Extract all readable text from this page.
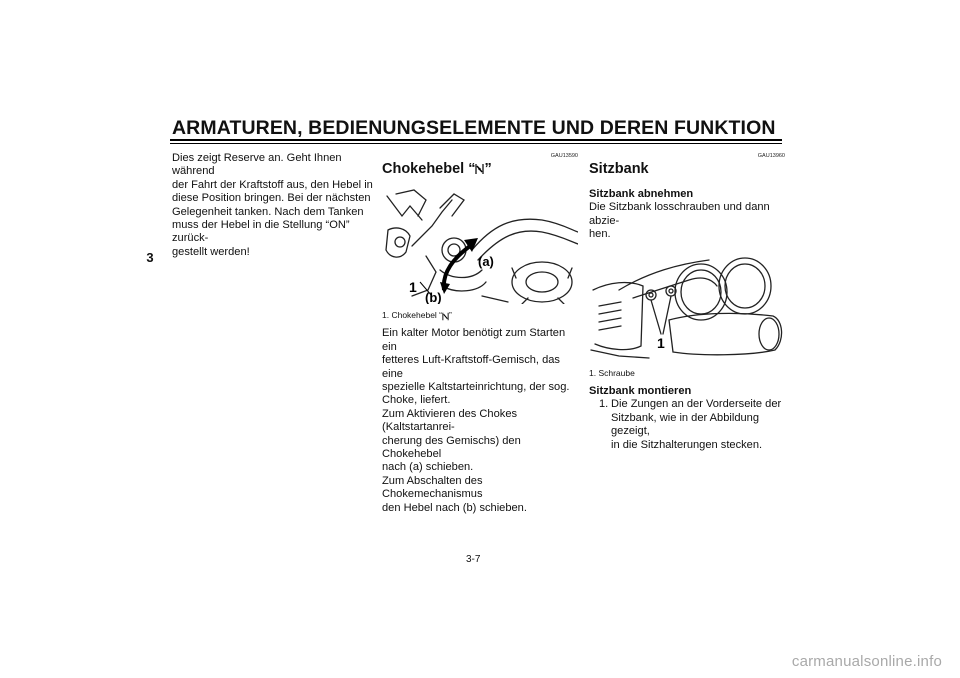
ARMATUREN, BEDIENUNGSELEMENTE UND DEREN FUNKTION
3

Dies zeigt Reserve an. Geht Ihnen während
der Fahrt der Kraftstoff aus, den Hebel in
diese Position bringen. Bei der nächsten
Gelegenheit tanken. Nach dem Tanken
muss der Hebel in die Stellung “ON” zurück-
gestellt werden!

GAU13590
Chokehebel “ ”
(a)
(b)
1
1. Chokehebel “ ”

Ein kalter Motor benötigt zum Starten ein
fetteres Luft-Kraftstoff-Gemisch, das eine
spezielle Kaltstarteinrichtung, der sog.
Choke, liefert.
Zum Aktivieren des Chokes (Kaltstartanrei-
cherung des Gemischs) den Chokehebel
nach (a) schieben.
Zum Abschalten des Chokemechanismus
den Hebel nach (b) schieben.

GAU13960
Sitzbank
Sitzbank abnehmen

Die Sitzbank losschrauben und dann abzie-
hen.

1
1. Schraube
Sitzbank montieren
1. Die Zungen an der Vorderseite der
Sitzbank, wie in der Abbildung gezeigt,
in die Sitzhalterungen stecken.
3-7
carmanualsonline.info
